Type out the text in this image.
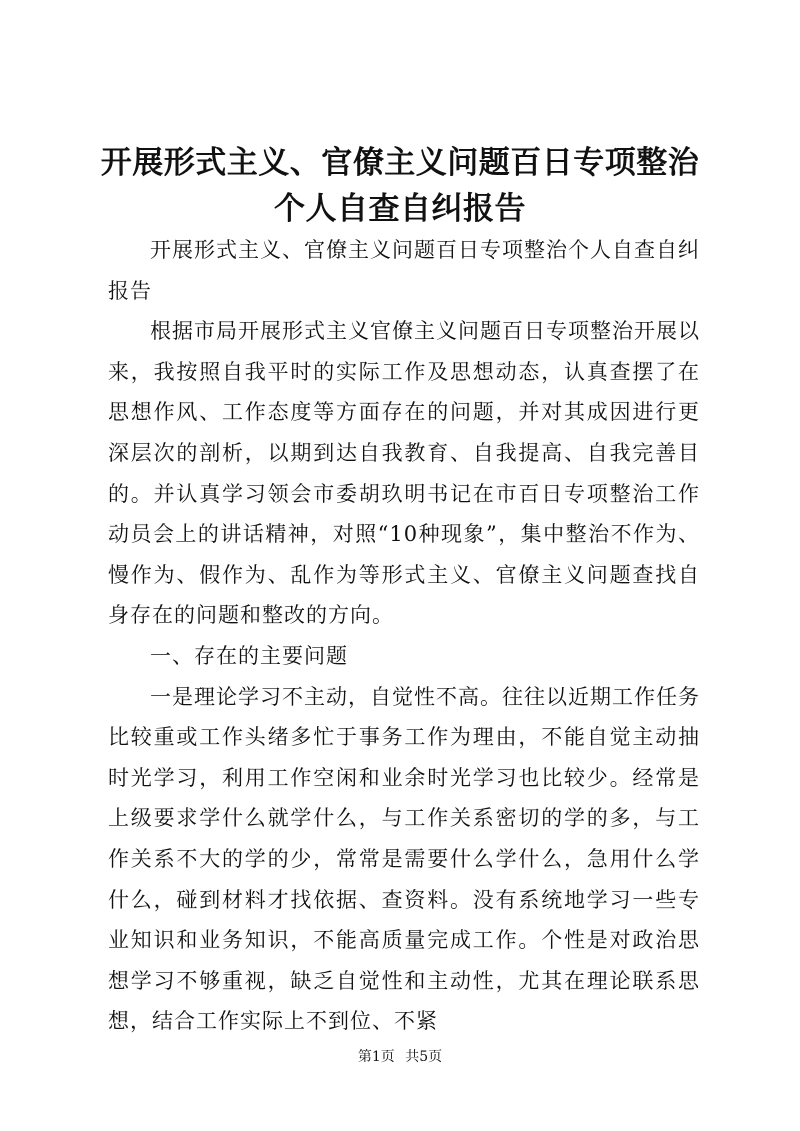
开展形式主义、官僚主义问题百日专项整治个人自查自纠报告

开展形式主义、官僚主义问题百日专项整治个人自查自纠报告

根据市局开展形式主义官僚主义问题百日专项整治开展以来，我按照自我平时的实际工作及思想动态，认真查摆了在思想作风、工作态度等方面存在的问题，并对其成因进行更深层次的剖析，以期到达自我教育、自我提高、自我完善目的。并认真学习领会市委胡玖明书记在市百日专项整治工作动员会上的讲话精神，对照“10种现象”，集中整治不作为、慢作为、假作为、乱作为等形式主义、官僚主义问题查找自身存在的问题和整改的方向。

一、存在的主要问题

一是理论学习不主动，自觉性不高。往往以近期工作任务比较重或工作头绪多忙于事务工作为理由，不能自觉主动抽时光学习，利用工作空闲和业余时光学习也比较少。经常是上级要求学什么就学什么，与工作关系密切的学的多，与工作关系不大的学的少，常常是需要什么学什么，急用什么学什么，碰到材料才找依据、查资料。没有系统地学习一些专业知识和业务知识，不能高质量完成工作。个性是对政治思想学习不够重视，缺乏自觉性和主动性，尤其在理论联系思想，结合工作实际上不到位、不紧

第1页 共5页
